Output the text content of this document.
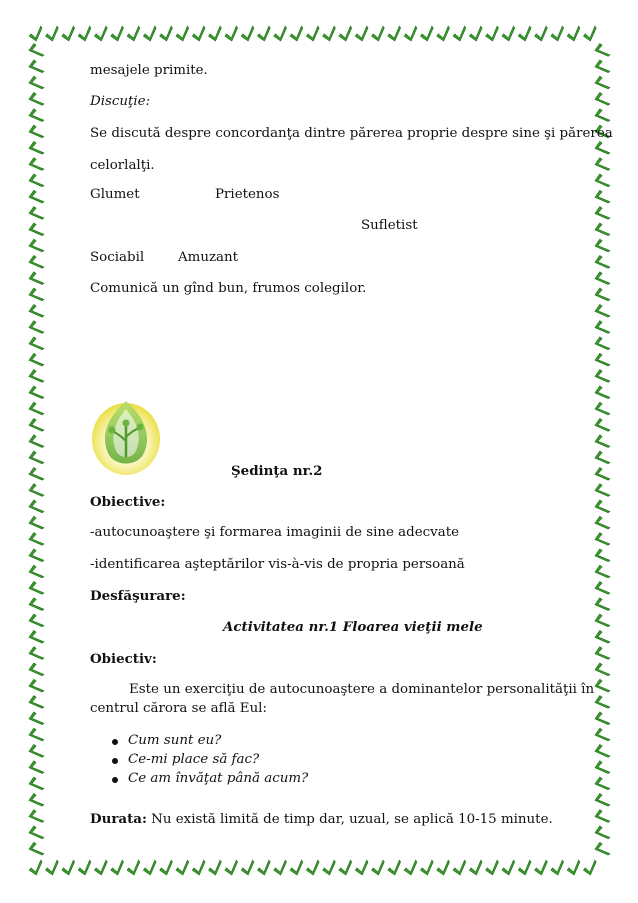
mesajele primite.
Discuţie:
Se discută despre concordanţa dintre părerea proprie despre sine şi părerea
celorlalţi.
Glumet	Prietenos
Sufletist
Sociabil	Amuzant
Comunică un gînd bun, frumos colegilor.
Şedinţa nr.2
Obiective:
-autocunoaştere şi formarea imaginii de sine adecvate
-identificarea aşteptărilor vis-à-vis de propria persoană
Desfăşurare:
Activitatea nr.1 Floarea vieţii mele
Obiectiv:
Este un exerciţiu de autocunoaştere a dominantelor personalităţii în
centrul cărora se află Eul:
Cum sunt eu?
Ce-mi place să fac?
Ce am învăţat până acum?
Durata: Nu există limită de timp dar, uzual, se aplică 10-15 minute.
